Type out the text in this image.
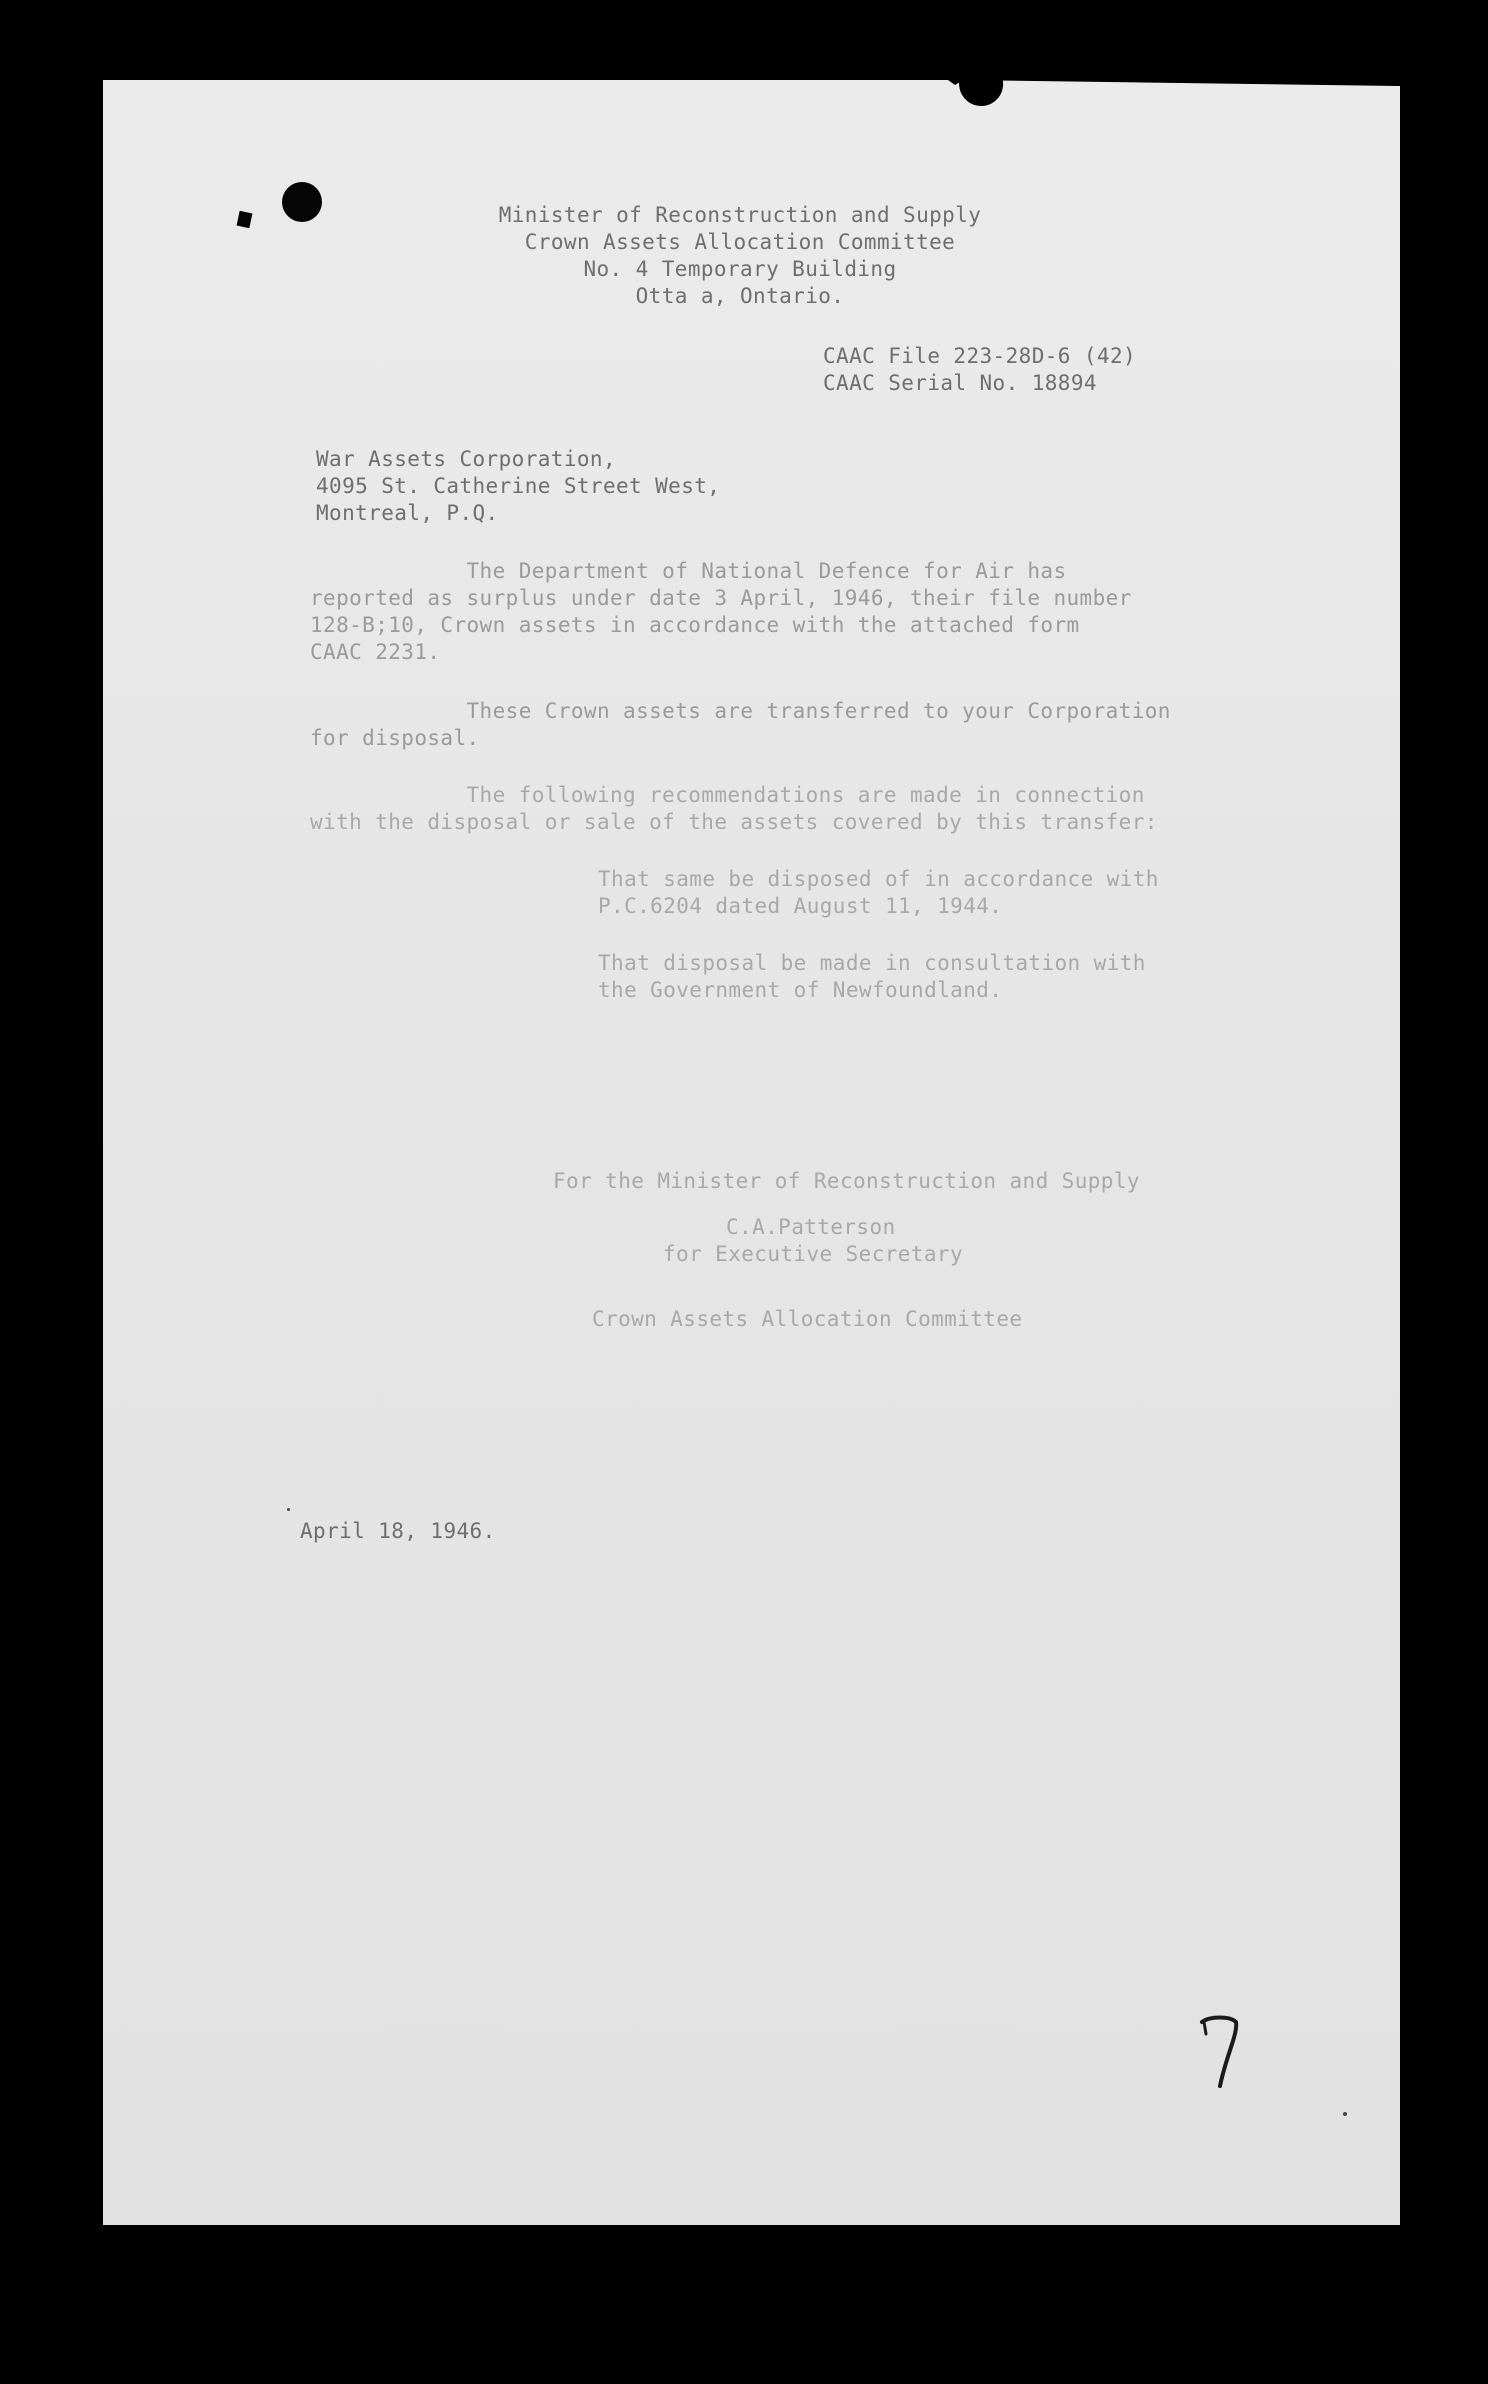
Minister of Reconstruction and Supply
Crown Assets Allocation Committee
No. 4 Temporary Building
Otta a, Ontario.
CAAC File 223-28D-6 (42)
CAAC Serial No. 18894
War Assets Corporation,
4095 St. Catherine Street West,
Montreal, P.Q.
The Department of National Defence for Air has
reported as surplus under date 3 April, 1946, their file number
128-B;10, Crown assets in accordance with the attached form
CAAC 2231.
These Crown assets are transferred to your Corporation
for disposal.
The following recommendations are made in connection
with the disposal or sale of the assets covered by this transfer:
That same be disposed of in accordance with
P.C.6204 dated August 11, 1944.
That disposal be made in consultation with
the Government of Newfoundland.
For the Minister of Reconstruction and Supply
C.A.Patterson
for Executive Secretary
Crown Assets Allocation Committee
April 18, 1946.
